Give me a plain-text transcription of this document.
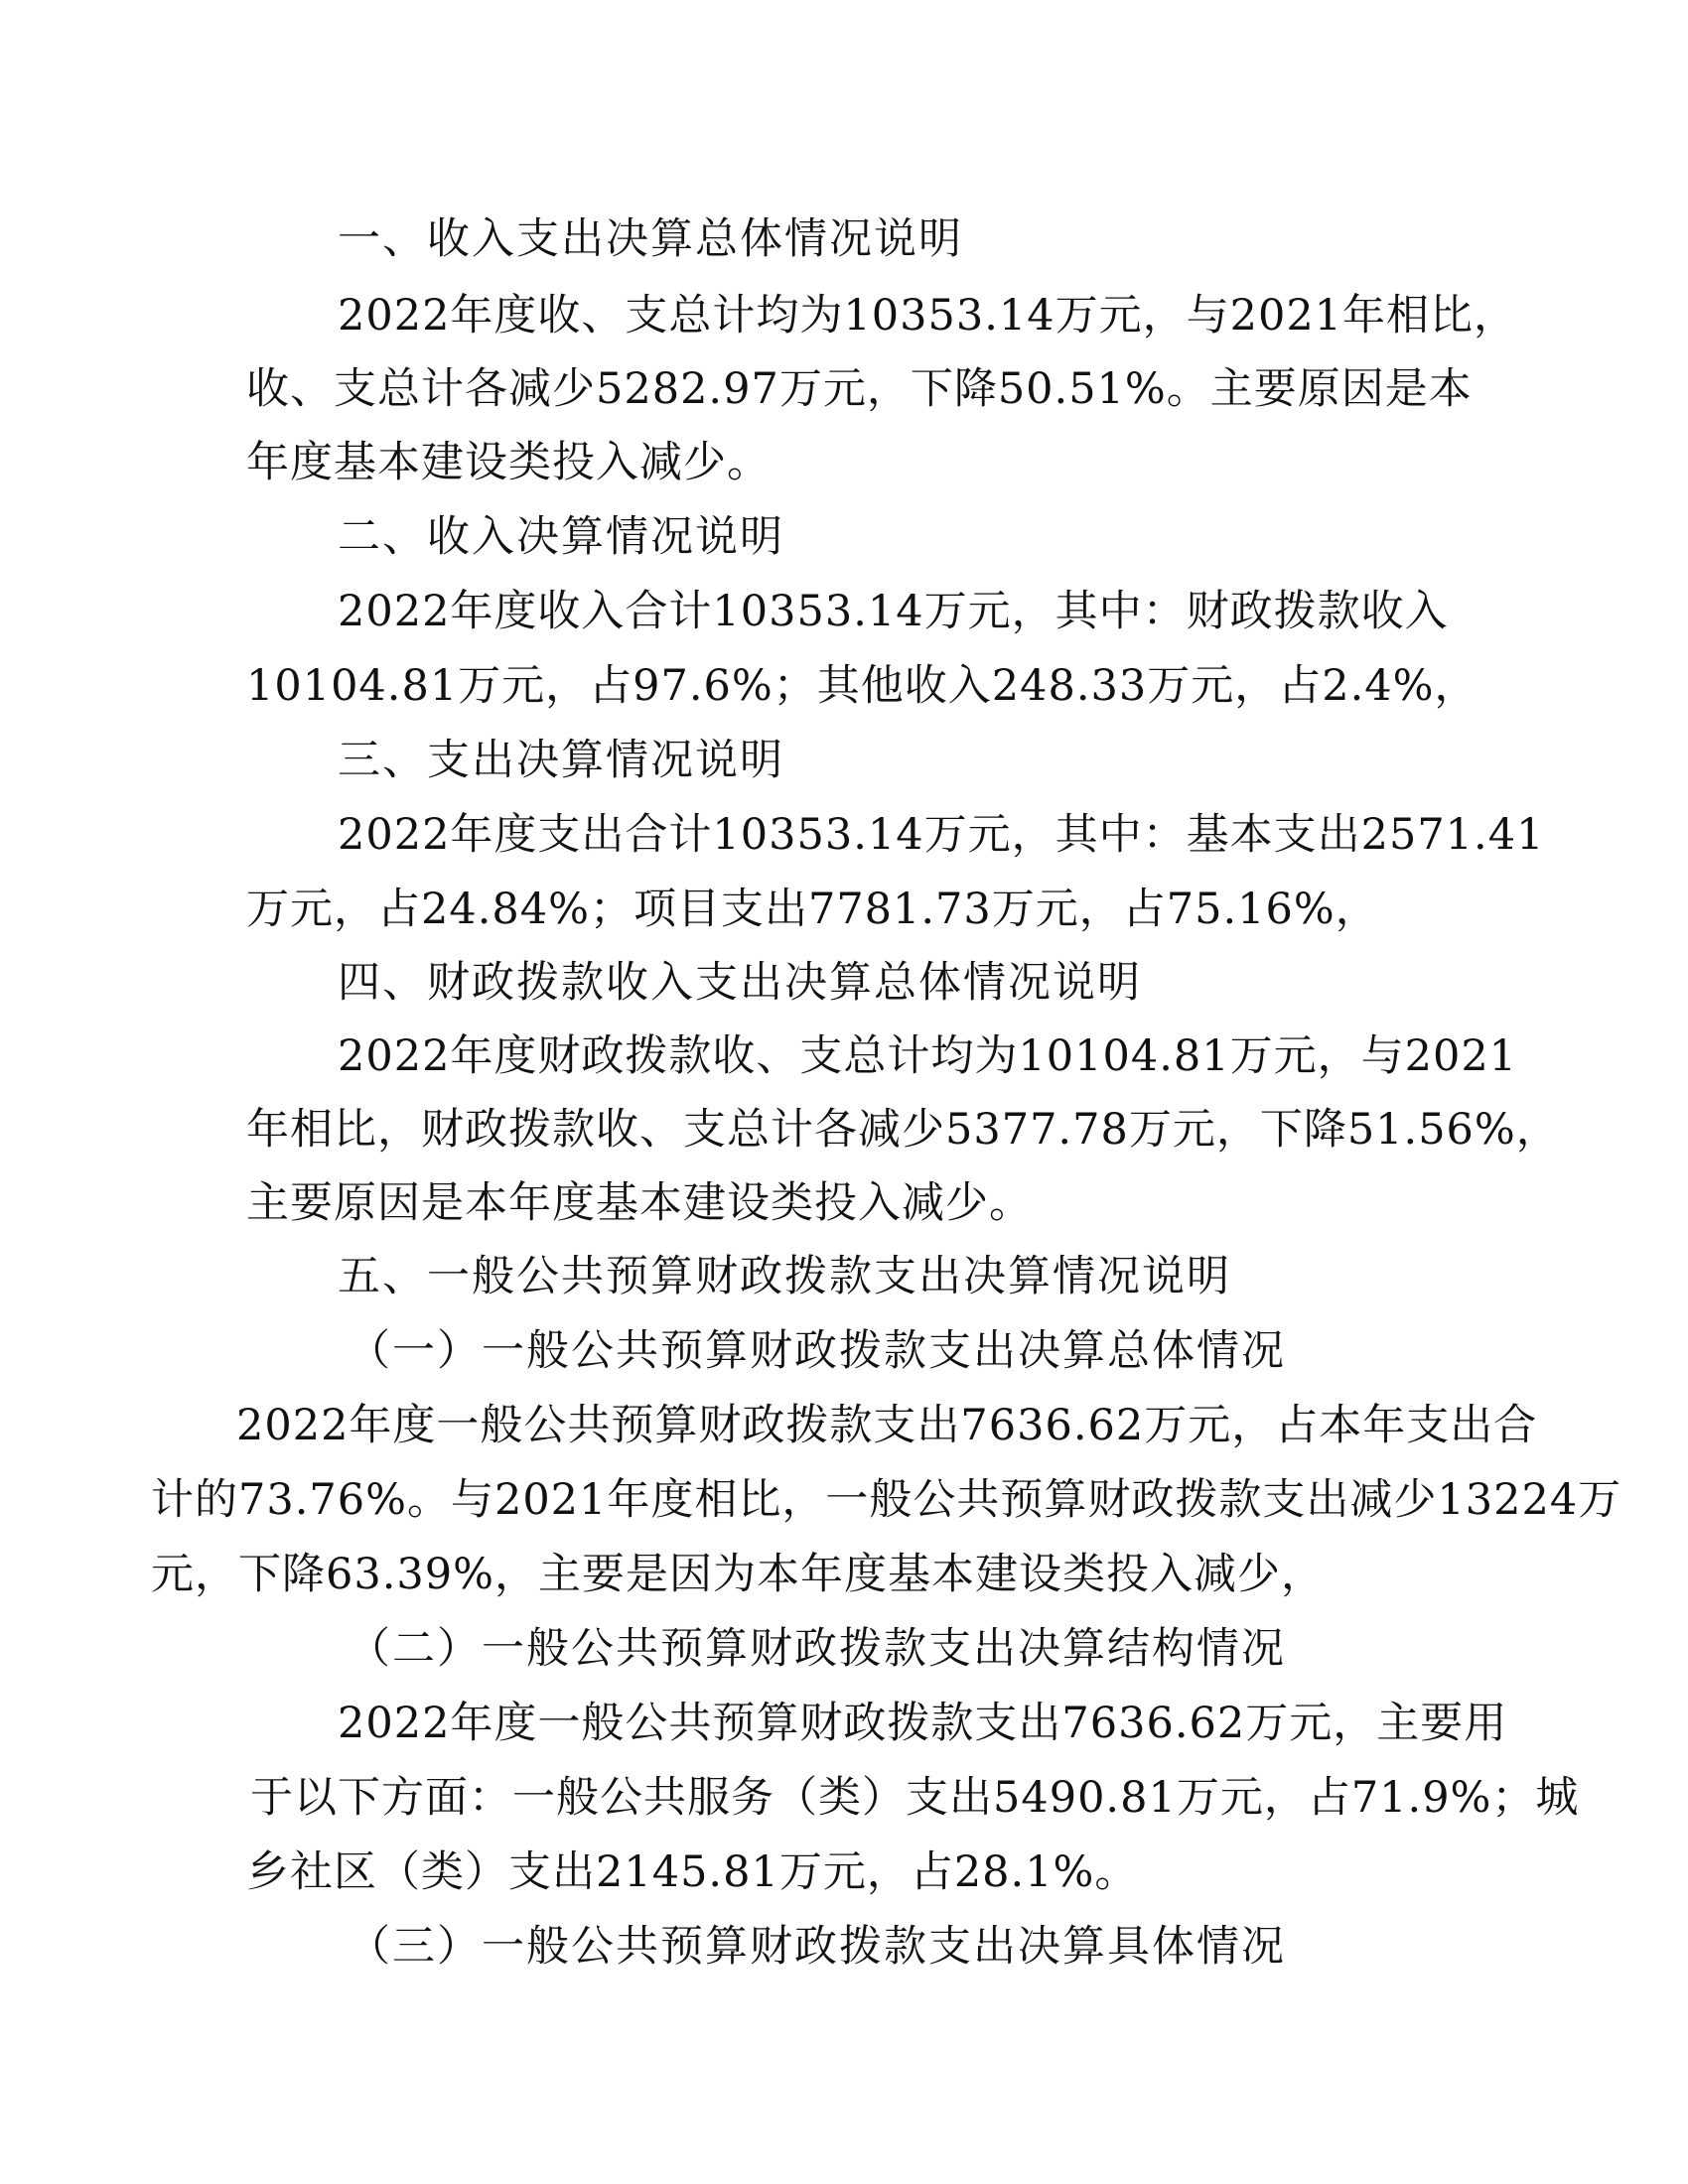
一、收入支出决算总体情况说明
2022年度收、支总计均为10353.14万元，与2021年相比，
收、支总计各减少5282.97万元，下降50.51%。主要原因是本
年度基本建设类投入减少。
二、收入决算情况说明
2022年度收入合计10353.14万元，其中：财政拨款收入
10104.81万元，占97.6%；其他收入248.33万元，占2.4%，
三、支出决算情况说明
2022年度支出合计10353.14万元，其中：基本支出2571.41
万元，占24.84%；项目支出7781.73万元，占75.16%，
四、财政拨款收入支出决算总体情况说明
2022年度财政拨款收、支总计均为10104.81万元，与2021
年相比，财政拨款收、支总计各减少5377.78万元，下降51.56%，
主要原因是本年度基本建设类投入减少。
五、一般公共预算财政拨款支出决算情况说明
（一）一般公共预算财政拨款支出决算总体情况
2022年度一般公共预算财政拨款支出7636.62万元，占本年支出合
计的73.76%。与2021年度相比，一般公共预算财政拨款支出减少13224万
元，下降63.39%，主要是因为本年度基本建设类投入减少，
（二）一般公共预算财政拨款支出决算结构情况
2022年度一般公共预算财政拨款支出7636.62万元，主要用
于以下方面：一般公共服务（类）支出5490.81万元，占71.9%；城
乡社区（类）支出2145.81万元，占28.1%。
（三）一般公共预算财政拨款支出决算具体情况
